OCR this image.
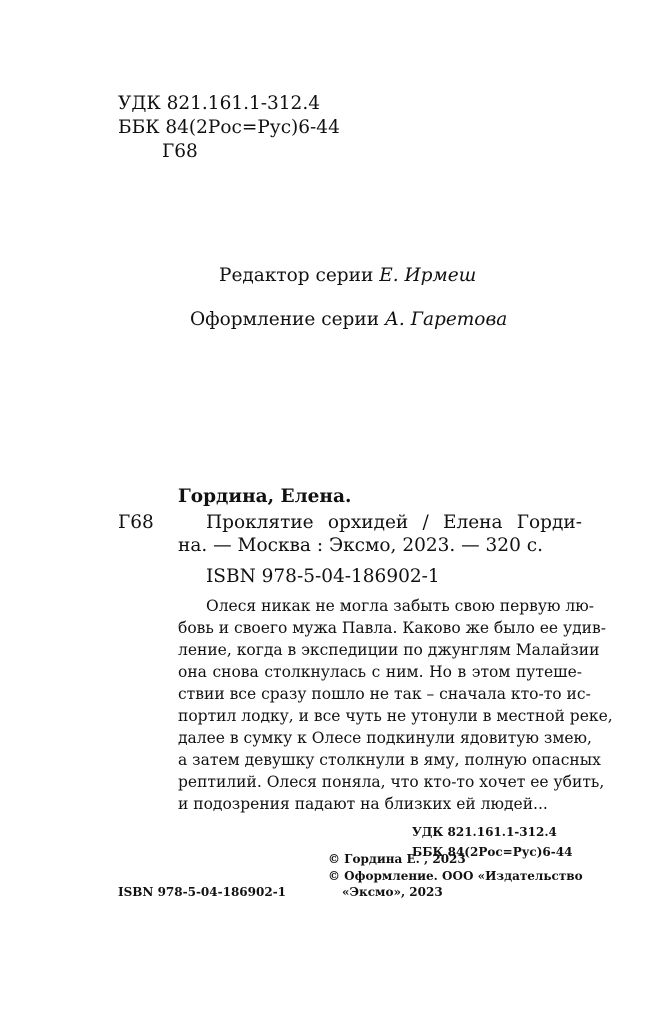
УДК 821.161.1-312.4
ББК 84(2Рос=Рус)6-44
Г68
Редактор серии Е. Ирмеш
Оформление серии А. Гаретова
Гордина, Елена.
Г68	Проклятие орхидей / Елена Горди-
на. — Москва : Эксмо, 2023. — 320 с.
ISBN 978-5-04-186902-1
Олеся никак не могла забыть свою первую лю-
бовь и своего мужа Павла. Каково же было ее удив-
ление, когда в экспедиции по джунглям Малайзии
она снова столкнулась с ним. Но в этом путеше-
ствии все сразу пошло не так – сначала кто-то ис-
портил лодку, и все чуть не утонули в местной реке,
далее в сумку к Олесе подкинули ядовитую змею,
а затем девушку столкнули в яму, полную опасных
рептилий. Олеся поняла, что кто-то хочет ее убить,
и подозрения падают на близких ей людей...
УДК 821.161.1-312.4
ББК 84(2Рос=Рус)6-44
© Гордина Е. , 2023
© Оформление. ООО «Издательство
ISBN 978-5-04-186902-1	«Эксмо», 2023
